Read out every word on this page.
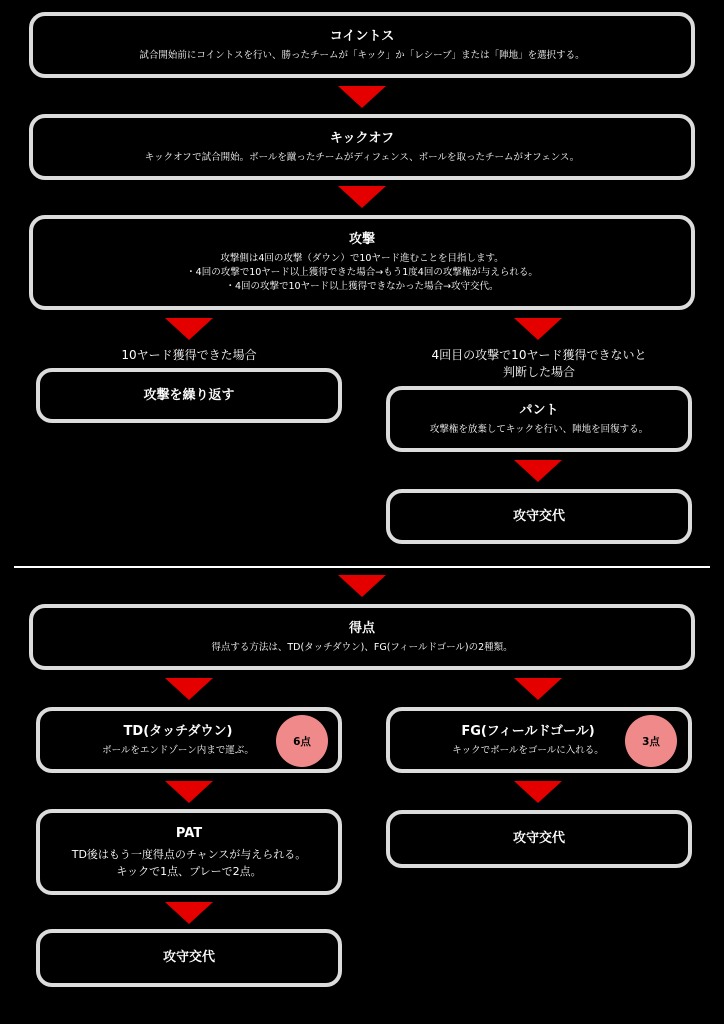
コイントス
試合開始前にコイントスを行い、勝ったチームが「キック」か「レシーブ」または「陣地」を選択する。
キックオフ
キックオフで試合開始。ボールを蹴ったチームがディフェンス、ボールを取ったチームがオフェンス。
攻撃
攻撃側は4回の攻撃（ダウン）で10ヤード進むことを目指します。
・4回の攻撃で10ヤード以上獲得できた場合→もう1度4回の攻撃権が与えられる。
・4回の攻撃で10ヤード以上獲得できなかった場合→攻守交代。
10ヤード獲得できた場合
攻撃を繰り返す
4回目の攻撃で10ヤード獲得できないと
判断した場合
パント
攻撃権を放棄してキックを行い、陣地を回復する。
攻守交代
得点
得点する方法は、TD(タッチダウン)、FG(フィールドゴール)の2種類。
TD(タッチダウン)
ボールをエンドゾーン内まで運ぶ。
6点
FG(フィールドゴール)
キックでボールをゴールに入れる。
3点
PAT
TD後はもう一度得点のチャンスが与えられる。
キックで1点、プレーで2点。
攻守交代
攻守交代
